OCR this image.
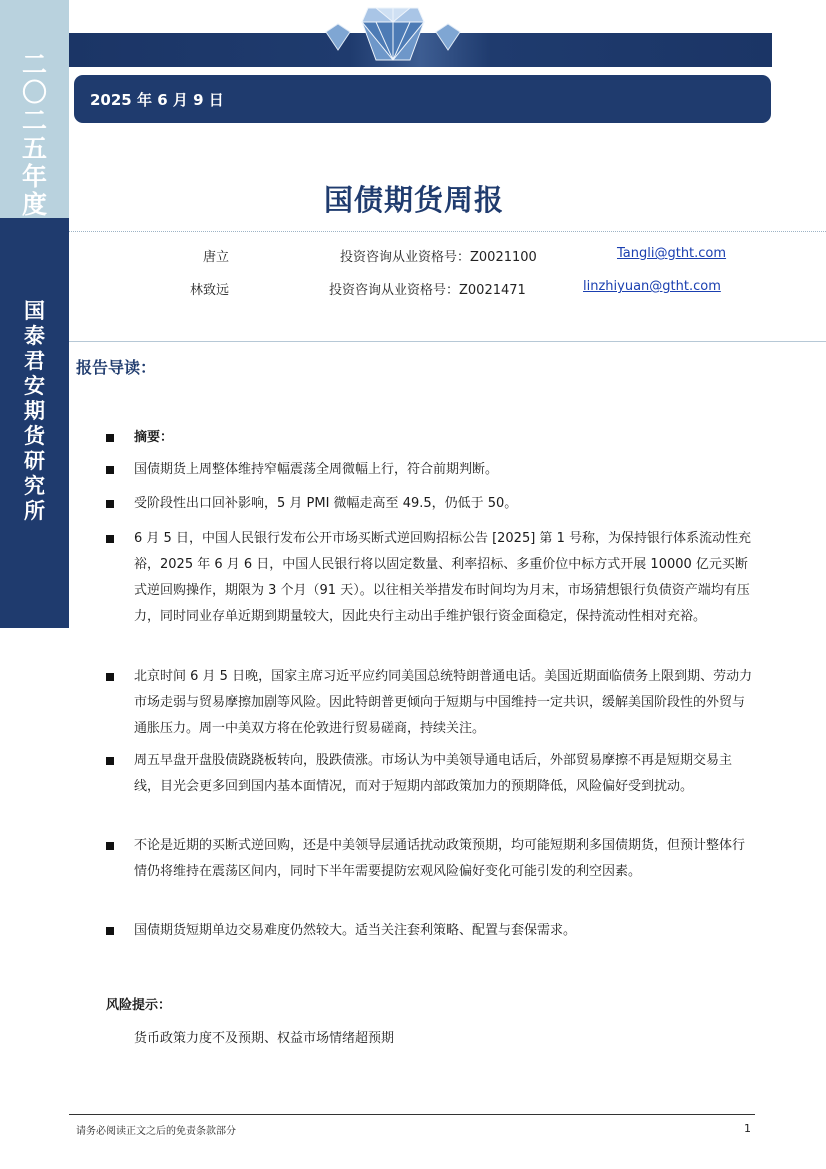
二
〇
二
五
年
度
国
泰
君
安
期
货
研
究
所
2025 年 6 月 9 日
国债期货周报
唐立	投资咨询从业资格号：Z0021100	Tangli@gtht.com
林致远	投资咨询从业资格号：Z0021471	linzhiyuan@gtht.com
报告导读：
摘要：
国债期货上周整体维持窄幅震荡全周微幅上行，符合前期判断。
受阶段性出口回补影响，5 月 PMI 微幅走高至 49.5，仍低于 50。
6 月 5 日，中国人民银行发布公开市场买断式逆回购招标公告 [2025] 第 1 号称，为保持银行体系流动性充裕，2025 年 6 月 6 日，中国人民银行将以固定数量、利率招标、多重价位中标方式开展 10000 亿元买断式逆回购操作，期限为 3 个月（91 天）。以往相关举措发布时间均为月末，市场猜想银行负债资产端均有压力，同时同业存单近期到期量较大，因此央行主动出手维护银行资金面稳定，保持流动性相对充裕。
北京时间 6 月 5 日晚，国家主席习近平应约同美国总统特朗普通电话。美国近期面临债务上限到期、劳动力市场走弱与贸易摩擦加剧等风险。因此特朗普更倾向于短期与中国维持一定共识，缓解美国阶段性的外贸与通胀压力。周一中美双方将在伦敦进行贸易磋商，持续关注。
周五早盘开盘股债跷跷板转向，股跌债涨。市场认为中美领导通电话后，外部贸易摩擦不再是短期交易主线，目光会更多回到国内基本面情况，而对于短期内部政策加力的预期降低，风险偏好受到扰动。
不论是近期的买断式逆回购，还是中美领导层通话扰动政策预期，均可能短期利多国债期货，但预计整体行情仍将维持在震荡区间内，同时下半年需要提防宏观风险偏好变化可能引发的利空因素。
国债期货短期单边交易难度仍然较大。适当关注套利策略、配置与套保需求。
风险提示：
货币政策力度不及预期、权益市场情绪超预期
请务必阅读正文之后的免责条款部分	1
